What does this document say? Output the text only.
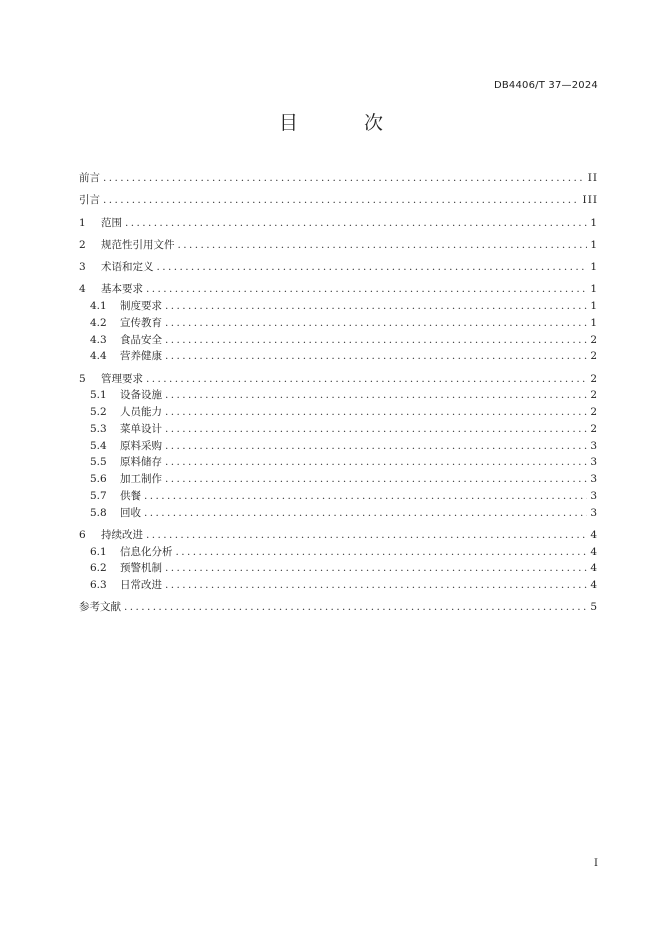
DB4406/T 37—2024
目 次
前言 .....	II
引言 .....	III
1 范围 .....	1
2 规范性引用文件 .....	1
3 术语和定义 .....	1
4 基本要求 .....	1
4.1 制度要求 .....	1
4.2 宣传教育 .....	1
4.3 食品安全 .....	2
4.4 营养健康 .....	2
5 管理要求 .....	2
5.1 设备设施 .....	2
5.2 人员能力 .....	2
5.3 菜单设计 .....	2
5.4 原料采购 .....	3
5.5 原料储存 .....	3
5.6 加工制作 .....	3
5.7 供餐 .....	3
5.8 回收 .....	3
6 持续改进 .....	4
6.1 信息化分析 .....	4
6.2 预警机制 .....	4
6.3 日常改进 .....	4
参考文献 .....	5
I
